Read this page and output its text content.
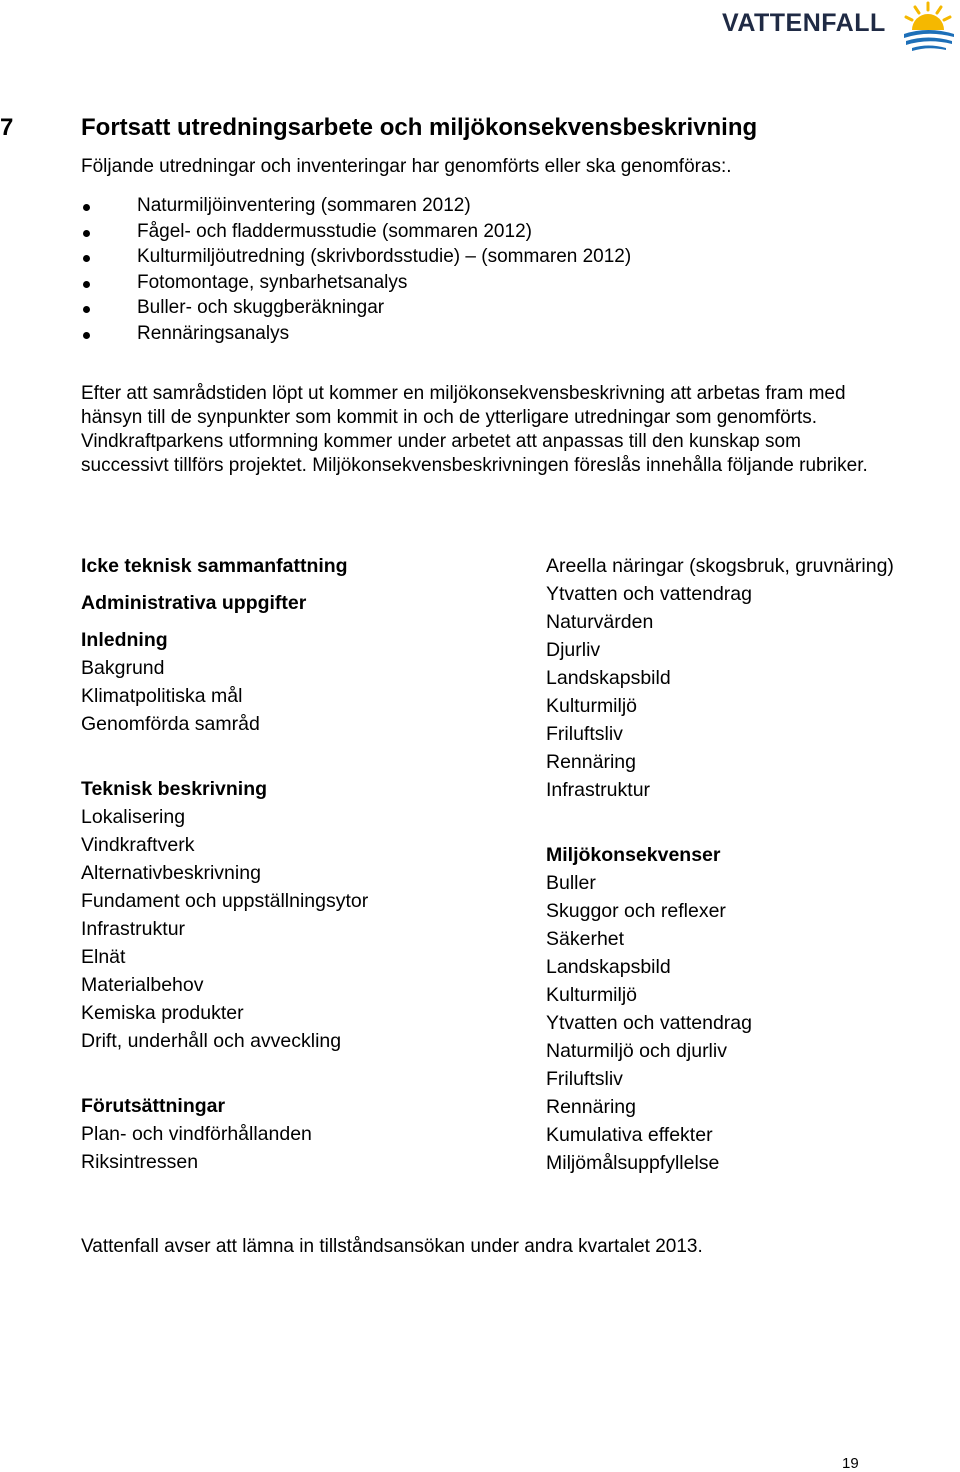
VATTENFALL
7	Fortsatt utredningsarbete och miljökonsekvensbeskrivning

Följande utredningar och inventeringar har genomförts eller ska genomföras:.

Naturmiljöinventering (sommaren 2012)
Fågel- och fladdermusstudie (sommaren 2012)
Kulturmiljöutredning (skrivbordsstudie) – (sommaren 2012)
Fotomontage, synbarhetsanalys
Buller- och skuggberäkningar
Rennäringsanalys

Efter att samrådstiden löpt ut kommer en miljökonsekvensbeskrivning att arbetas fram med hänsyn till de synpunkter som kommit in och de ytterligare utredningar som genomförts. Vindkraftparkens utformning kommer under arbetet att anpassas till den kunskap som successivt tillförs projektet. Miljökonsekvensbeskrivningen föreslås innehålla följande rubriker.

Icke teknisk sammanfattning
Administrativa uppgifter
Inledning
Bakgrund
Klimatpolitiska mål
Genomförda samråd
Teknisk beskrivning
Lokalisering
Vindkraftverk
Alternativbeskrivning
Fundament och uppställningsytor
Infrastruktur
Elnät
Materialbehov
Kemiska produkter
Drift, underhåll och avveckling
Förutsättningar
Plan- och vindförhållanden
Riksintressen
Areella näringar (skogsbruk, gruvnäring)
Ytvatten och vattendrag
Naturvärden
Djurliv
Landskapsbild
Kulturmiljö
Friluftsliv
Rennäring
Infrastruktur
Miljökonsekvenser
Buller
Skuggor och reflexer
Säkerhet
Landskapsbild
Kulturmiljö
Ytvatten och vattendrag
Naturmiljö och djurliv
Friluftsliv
Rennäring
Kumulativa effekter
Miljömålsuppfyllelse

Vattenfall avser att lämna in tillståndsansökan under andra kvartalet 2013.

19
